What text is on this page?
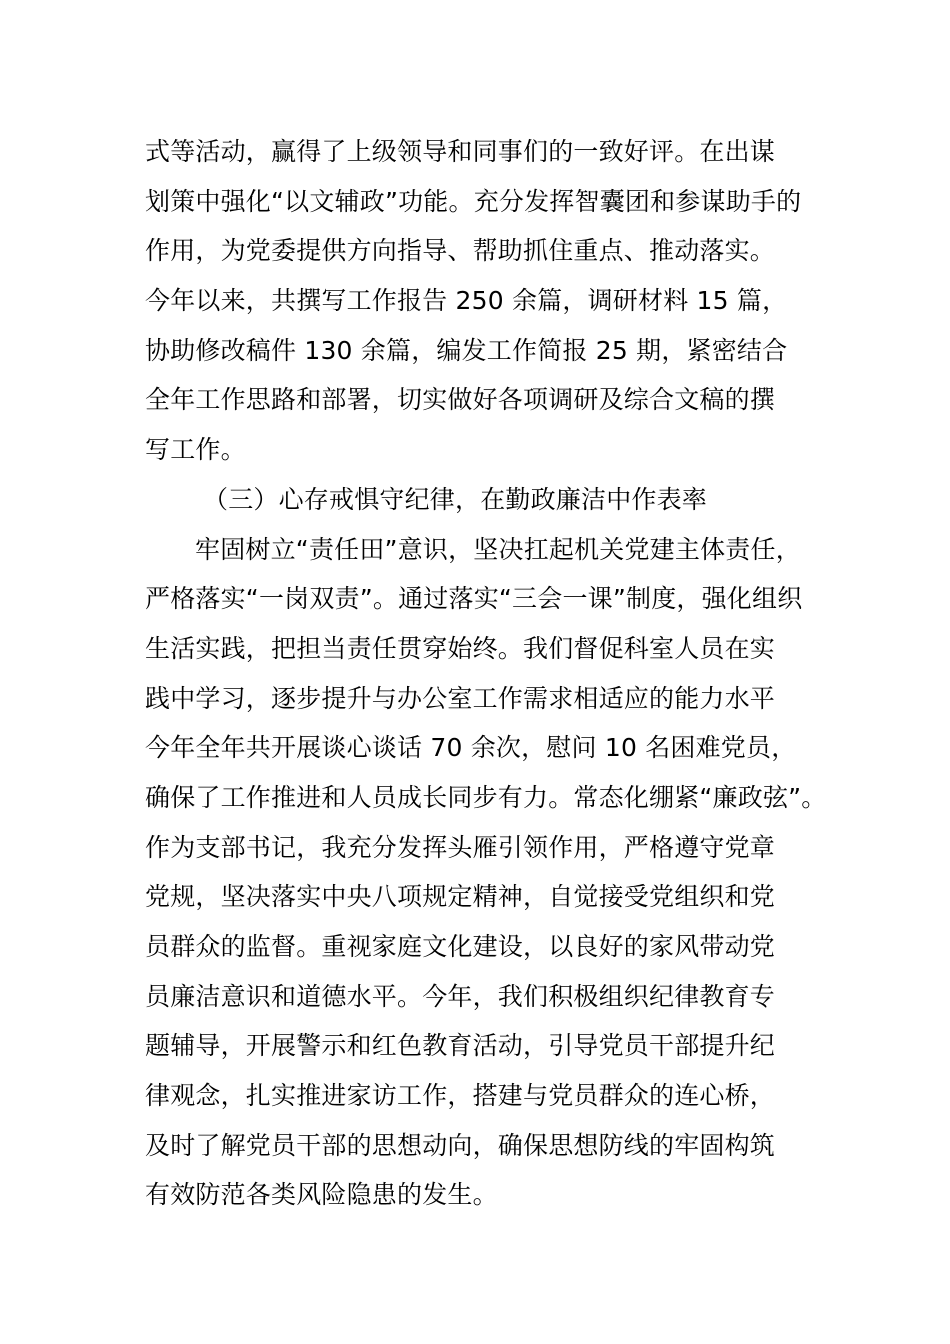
式等活动，赢得了上级领导和同事们的一致好评。在出谋
划策中强化“以文辅政”功能。充分发挥智囊团和参谋助手的
作用，为党委提供方向指导、帮助抓住重点、推动落实。
今年以来，共撰写工作报告 250 余篇，调研材料 15 篇，
协助修改稿件 130 余篇，编发工作简报 25 期，紧密结合
全年工作思路和部署，切实做好各项调研及综合文稿的撰
写工作。
（三）心存戒惧守纪律，在勤政廉洁中作表率
牢固树立“责任田”意识，坚决扛起机关党建主体责任，
严格落实“一岗双责”。通过落实“三会一课”制度，强化组织
生活实践，把担当责任贯穿始终。我们督促科室人员在实
践中学习，逐步提升与办公室工作需求相适应的能力水平
今年全年共开展谈心谈话 70 余次，慰问 10 名困难党员，
确保了工作推进和人员成长同步有力。常态化绷紧“廉政弦”。
作为支部书记，我充分发挥头雁引领作用，严格遵守党章
党规，坚决落实中央八项规定精神，自觉接受党组织和党
员群众的监督。重视家庭文化建设，以良好的家风带动党
员廉洁意识和道德水平。今年，我们积极组织纪律教育专
题辅导，开展警示和红色教育活动，引导党员干部提升纪
律观念，扎实推进家访工作，搭建与党员群众的连心桥，
及时了解党员干部的思想动向，确保思想防线的牢固构筑
有效防范各类风险隐患的发生。
